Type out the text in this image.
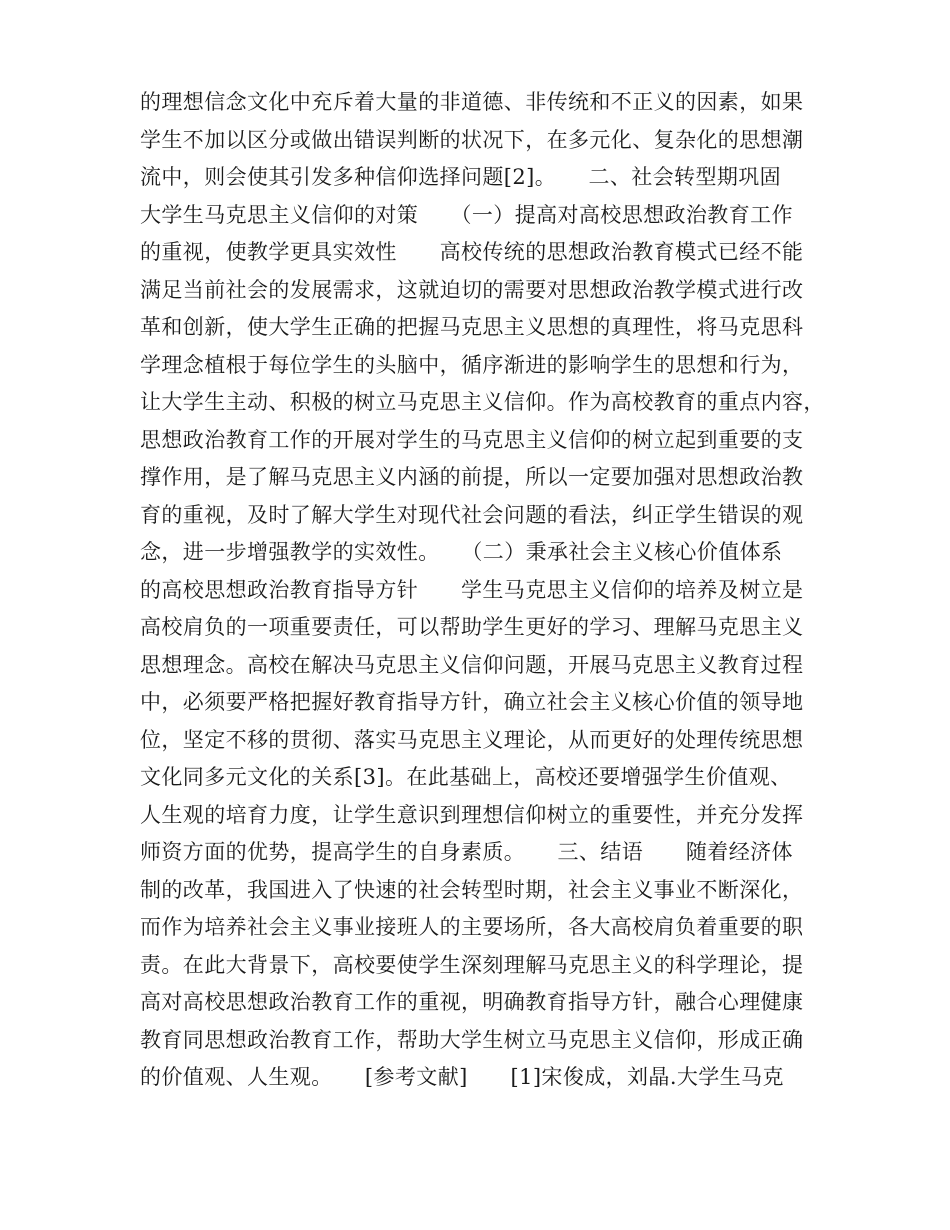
的理想信念文化中充斥着大量的非道德、非传统和不正义的因素，如果
学生不加以区分或做出错误判断的状况下，在多元化、复杂化的思想潮
流中，则会使其引发多种信仰选择问题[2]。　　二、社会转型期巩固
大学生马克思主义信仰的对策　　（一）提高对高校思想政治教育工作
的重视，使教学更具实效性　　高校传统的思想政治教育模式已经不能
满足当前社会的发展需求，这就迫切的需要对思想政治教学模式进行改
革和创新，使大学生正确的把握马克思主义思想的真理性，将马克思科
学理念植根于每位学生的头脑中，循序渐进的影响学生的思想和行为，
让大学生主动、积极的树立马克思主义信仰。作为高校教育的重点内容，
思想政治教育工作的开展对学生的马克思主义信仰的树立起到重要的支
撑作用，是了解马克思主义内涵的前提，所以一定要加强对思想政治教
育的重视，及时了解大学生对现代社会问题的看法，纠正学生错误的观
念，进一步增强教学的实效性。　　（二）秉承社会主义核心价值体系
的高校思想政治教育指导方针　　学生马克思主义信仰的培养及树立是
高校肩负的一项重要责任，可以帮助学生更好的学习、理解马克思主义
思想理念。高校在解决马克思主义信仰问题，开展马克思主义教育过程
中，必须要严格把握好教育指导方针，确立社会主义核心价值的领导地
位，坚定不移的贯彻、落实马克思主义理论，从而更好的处理传统思想
文化同多元文化的关系[3]。在此基础上，高校还要增强学生价值观、
人生观的培育力度，让学生意识到理想信仰树立的重要性，并充分发挥
师资方面的优势，提高学生的自身素质。　　三、结语　　随着经济体
制的改革，我国进入了快速的社会转型时期，社会主义事业不断深化，
而作为培养社会主义事业接班人的主要场所，各大高校肩负着重要的职
责。在此大背景下，高校要使学生深刻理解马克思主义的科学理论，提
高对高校思想政治教育工作的重视，明确教育指导方针，融合心理健康
教育同思想政治教育工作，帮助大学生树立马克思主义信仰，形成正确
的价值观、人生观。　　[参考文献]　　[1]宋俊成，刘晶.大学生马克
